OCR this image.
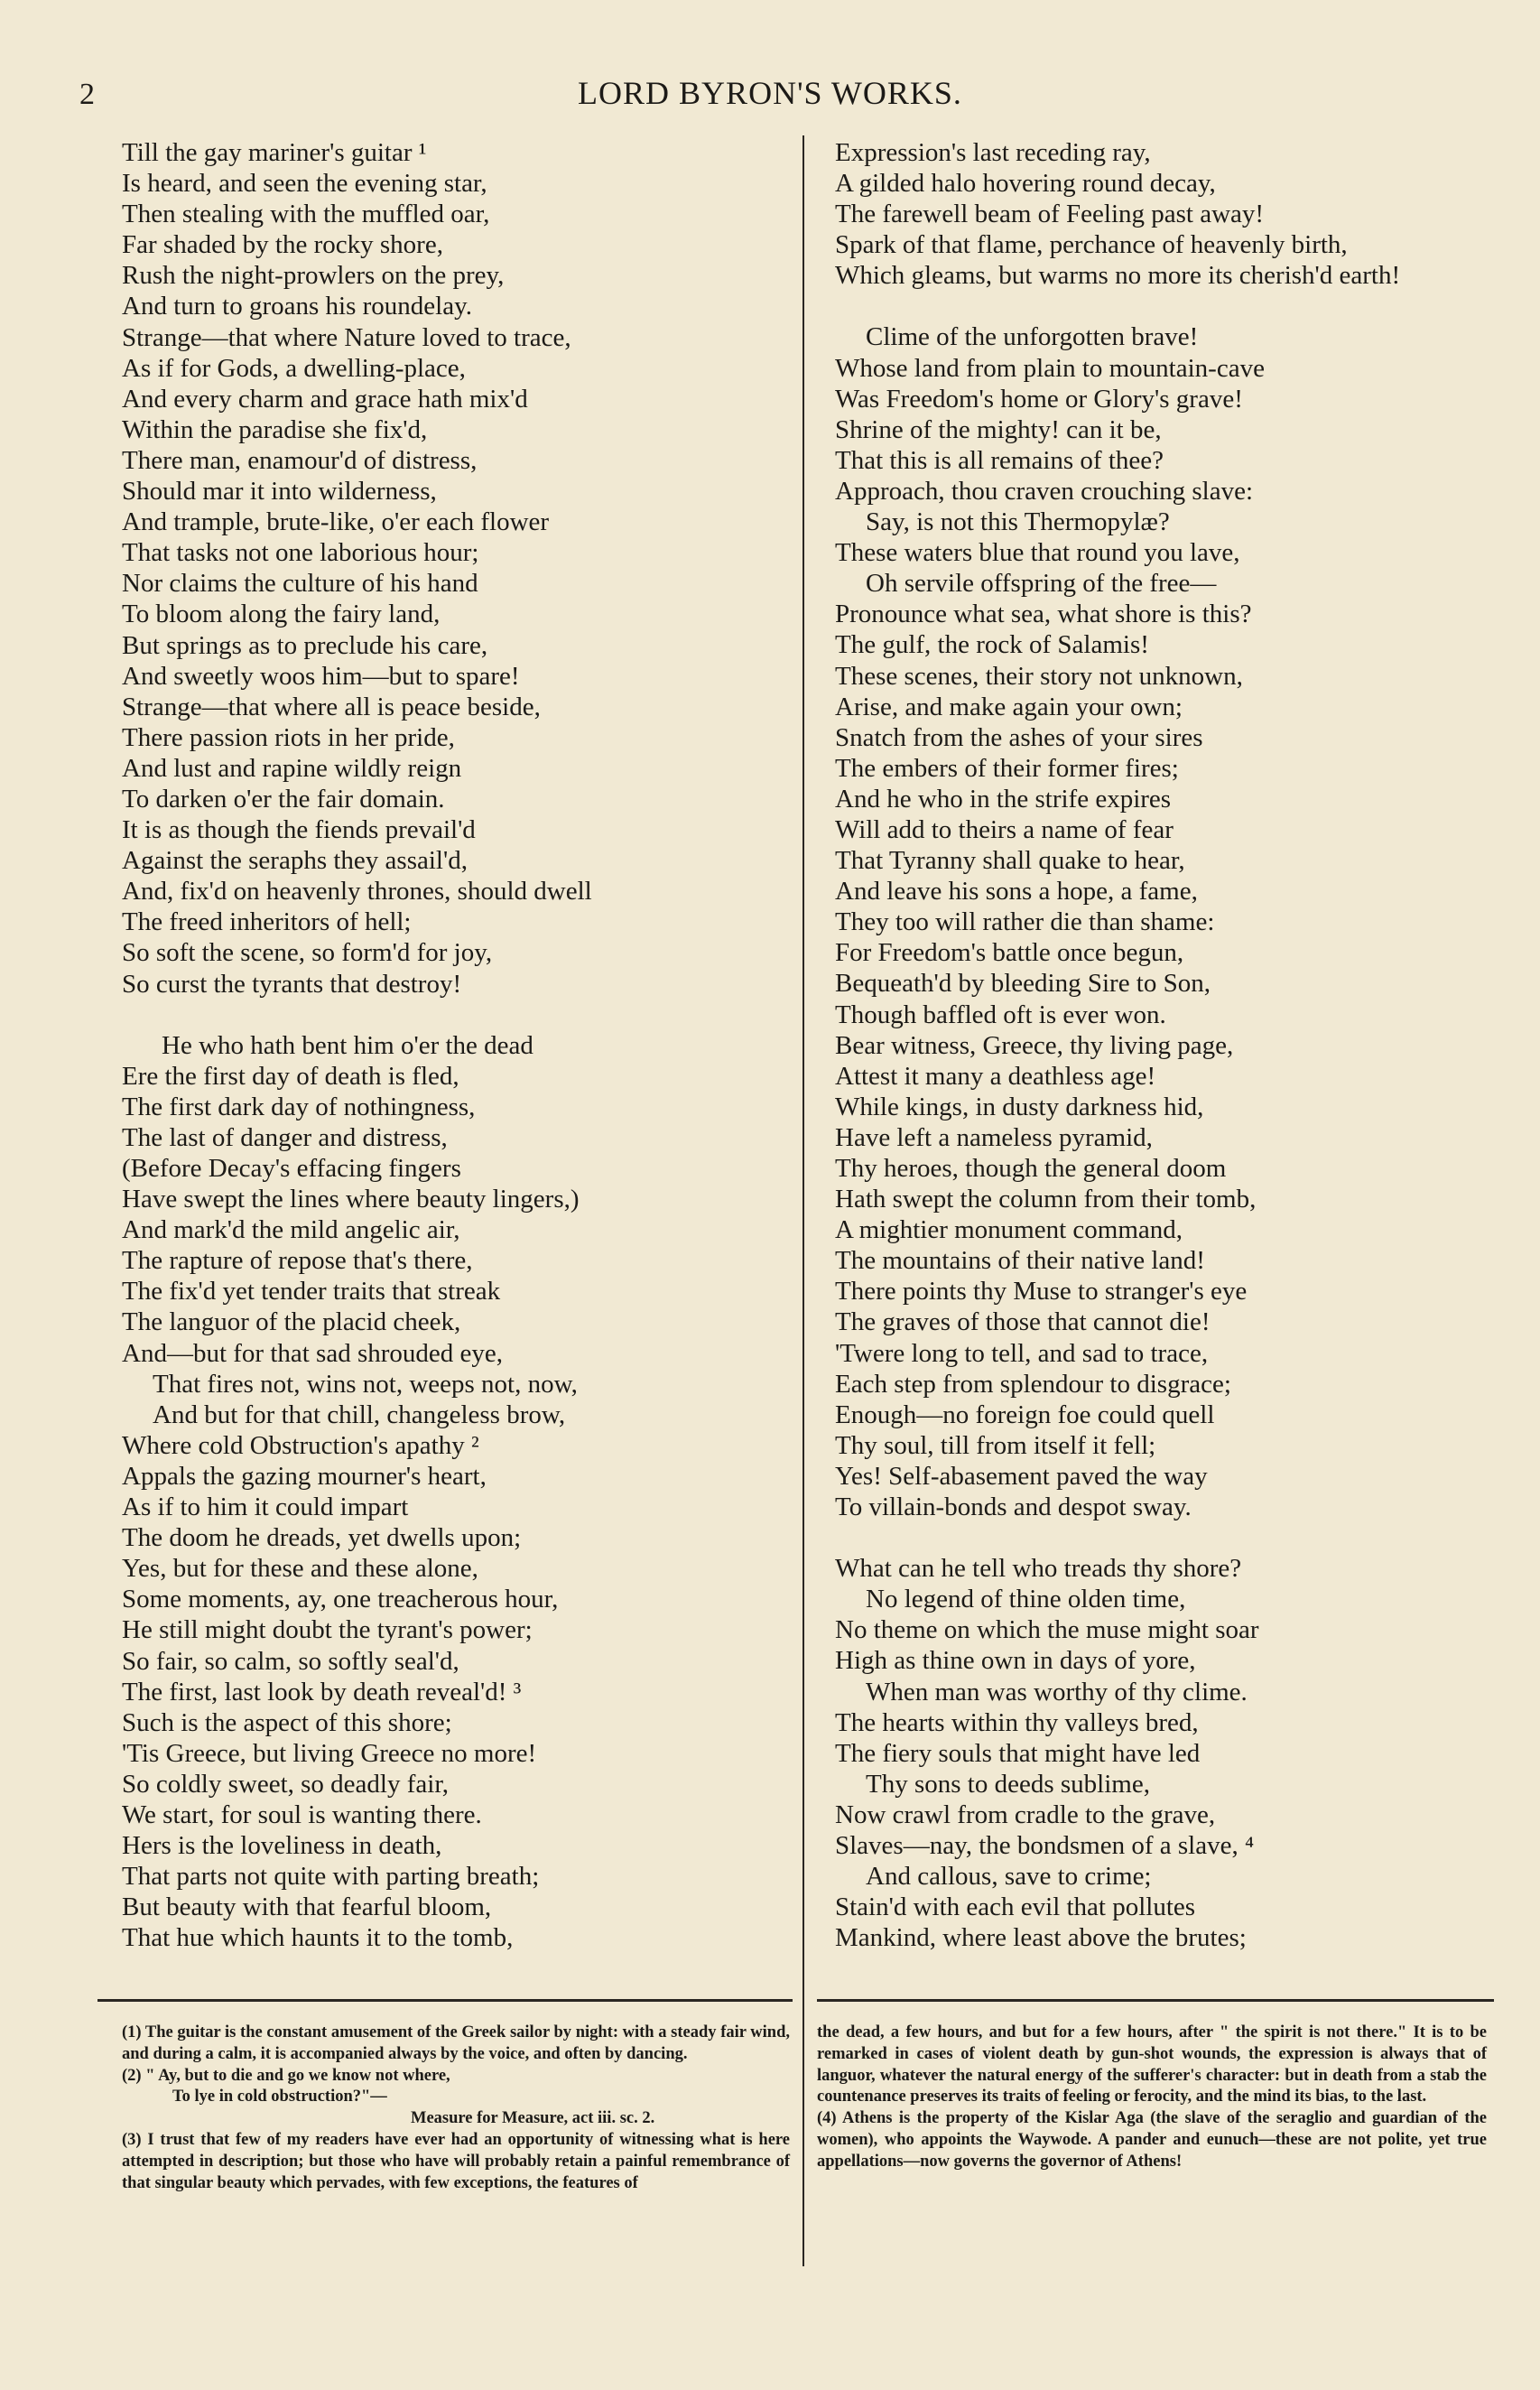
2	LORD BYRON'S WORKS.
Till the gay mariner's guitar ¹
Is heard, and seen the evening star,
Then stealing with the muffled oar,
Far shaded by the rocky shore,
Rush the night-prowlers on the prey,
And turn to groans his roundelay.
Strange—that where Nature loved to trace,
As if for Gods, a dwelling-place,
And every charm and grace hath mix'd
Within the paradise she fix'd,
There man, enamour'd of distress,
Should mar it into wilderness,
And trample, brute-like, o'er each flower
That tasks not one laborious hour;
Nor claims the culture of his hand
To bloom along the fairy land,
But springs as to preclude his care,
And sweetly woos him—but to spare!
Strange—that where all is peace beside,
There passion riots in her pride,
And lust and rapine wildly reign
To darken o'er the fair domain.
It is as though the fiends prevail'd
Against the seraphs they assail'd,
And, fix'd on heavenly thrones, should dwell
The freed inheritors of hell;
So soft the scene, so form'd for joy,
So curst the tyrants that destroy!
He who hath bent him o'er the dead
Ere the first day of death is fled,
The first dark day of nothingness,
The last of danger and distress,
(Before Decay's effacing fingers
Have swept the lines where beauty lingers,)
And mark'd the mild angelic air,
The rapture of repose that's there,
The fix'd yet tender traits that streak
The languor of the placid cheek,
And—but for that sad shrouded eye,
That fires not, wins not, weeps not, now,
And but for that chill, changeless brow,
Where cold Obstruction's apathy ²
Appals the gazing mourner's heart,
As if to him it could impart
The doom he dreads, yet dwells upon;
Yes, but for these and these alone,
Some moments, ay, one treacherous hour,
He still might doubt the tyrant's power;
So fair, so calm, so softly seal'd,
The first, last look by death reveal'd! ³
Such is the aspect of this shore;
'Tis Greece, but living Greece no more!
So coldly sweet, so deadly fair,
We start, for soul is wanting there.
Hers is the loveliness in death,
That parts not quite with parting breath;
But beauty with that fearful bloom,
That hue which haunts it to the tomb,
Expression's last receding ray,
A gilded halo hovering round decay,
The farewell beam of Feeling past away!
Spark of that flame, perchance of heavenly birth,
Which gleams, but warms no more its cherish'd earth!
Clime of the unforgotten brave!
Whose land from plain to mountain-cave
Was Freedom's home or Glory's grave!
Shrine of the mighty! can it be,
That this is all remains of thee?
Approach, thou craven crouching slave:
Say, is not this Thermopylæ?
These waters blue that round you lave,
Oh servile offspring of the free—
Pronounce what sea, what shore is this?
The gulf, the rock of Salamis!
These scenes, their story not unknown,
Arise, and make again your own;
Snatch from the ashes of your sires
The embers of their former fires;
And he who in the strife expires
Will add to theirs a name of fear
That Tyranny shall quake to hear,
And leave his sons a hope, a fame,
They too will rather die than shame:
For Freedom's battle once begun,
Bequeath'd by bleeding Sire to Son,
Though baffled oft is ever won.
Bear witness, Greece, thy living page,
Attest it many a deathless age!
While kings, in dusty darkness hid,
Have left a nameless pyramid,
Thy heroes, though the general doom
Hath swept the column from their tomb,
A mightier monument command,
The mountains of their native land!
There points thy Muse to stranger's eye
The graves of those that cannot die!
'Twere long to tell, and sad to trace,
Each step from splendour to disgrace;
Enough—no foreign foe could quell
Thy soul, till from itself it fell;
Yes! Self-abasement paved the way
To villain-bonds and despot sway.
What can he tell who treads thy shore?
No legend of thine olden time,
No theme on which the muse might soar
High as thine own in days of yore,
When man was worthy of thy clime.
The hearts within thy valleys bred,
The fiery souls that might have led
Thy sons to deeds sublime,
Now crawl from cradle to the grave,
Slaves—nay, the bondsmen of a slave, ⁴
And callous, save to crime;
Stain'd with each evil that pollutes
Mankind, where least above the brutes;
(1) The guitar is the constant amusement of the Greek sailor by night: with a steady fair wind, and during a calm, it is accompanied always by the voice, and often by dancing.
(2) " Ay, but to die and go we know not where,
To lye in cold obstruction?"—
Measure for Measure, act iii. sc. 2.
(3) I trust that few of my readers have ever had an opportunity of witnessing what is here attempted in description; but those who have will probably retain a painful remembrance of that singular beauty which pervades, with few exceptions, the features of
the dead, a few hours, and but for a few hours, after " the spirit is not there." It is to be remarked in cases of violent death by gun-shot wounds, the expression is always that of languor, whatever the natural energy of the sufferer's character: but in death from a stab the countenance preserves its traits of feeling or ferocity, and the mind its bias, to the last.
(4) Athens is the property of the Kislar Aga (the slave of the seraglio and guardian of the women), who appoints the Waywode. A pander and eunuch—these are not polite, yet true appellations—now governs the governor of Athens!
